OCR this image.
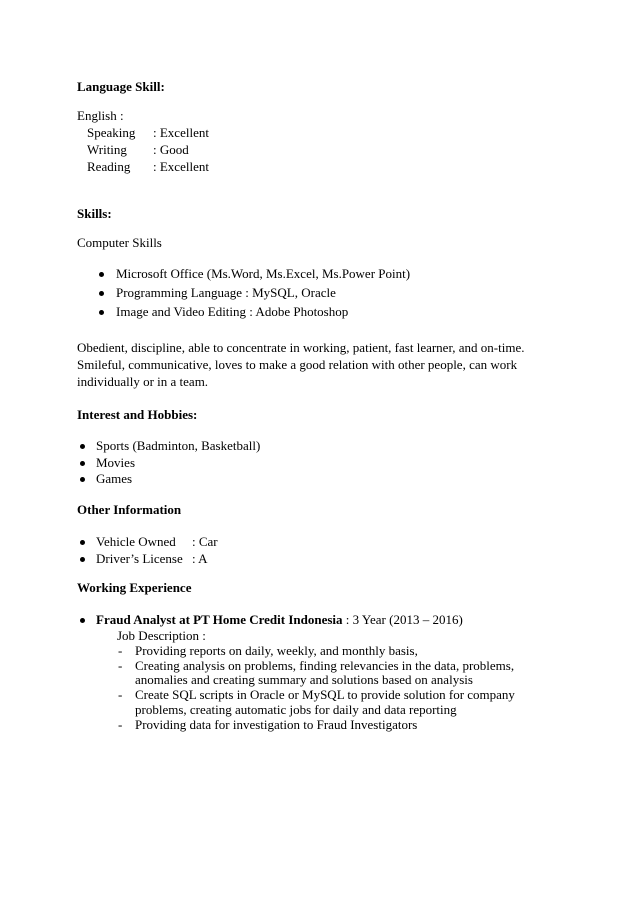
Language Skill:
English :
Speaking : Excellent
Writing : Good
Reading : Excellent
Skills:
Computer Skills
Microsoft Office (Ms.Word, Ms.Excel, Ms.Power Point)
Programming Language : MySQL, Oracle
Image and Video Editing : Adobe Photoshop
Obedient, discipline, able to concentrate in working, patient, fast learner, and on-time. Smileful, communicative, loves to make a good relation with other people, can work individually or in a team.
Interest and Hobbies:
Sports (Badminton, Basketball)
Movies
Games
Other Information
Vehicle Owned : Car
Driver’s License : A
Working Experience
Fraud Analyst at PT Home Credit Indonesia : 3 Year (2013 – 2016)
Job Description :
- Providing reports on daily, weekly, and monthly basis,
- Creating analysis on problems, finding relevancies in the data, problems,
anomalies and creating summary and solutions based on analysis
- Create SQL scripts in Oracle or MySQL to provide solution for company
problems, creating automatic jobs for daily and data reporting
- Providing data for investigation to Fraud Investigators
